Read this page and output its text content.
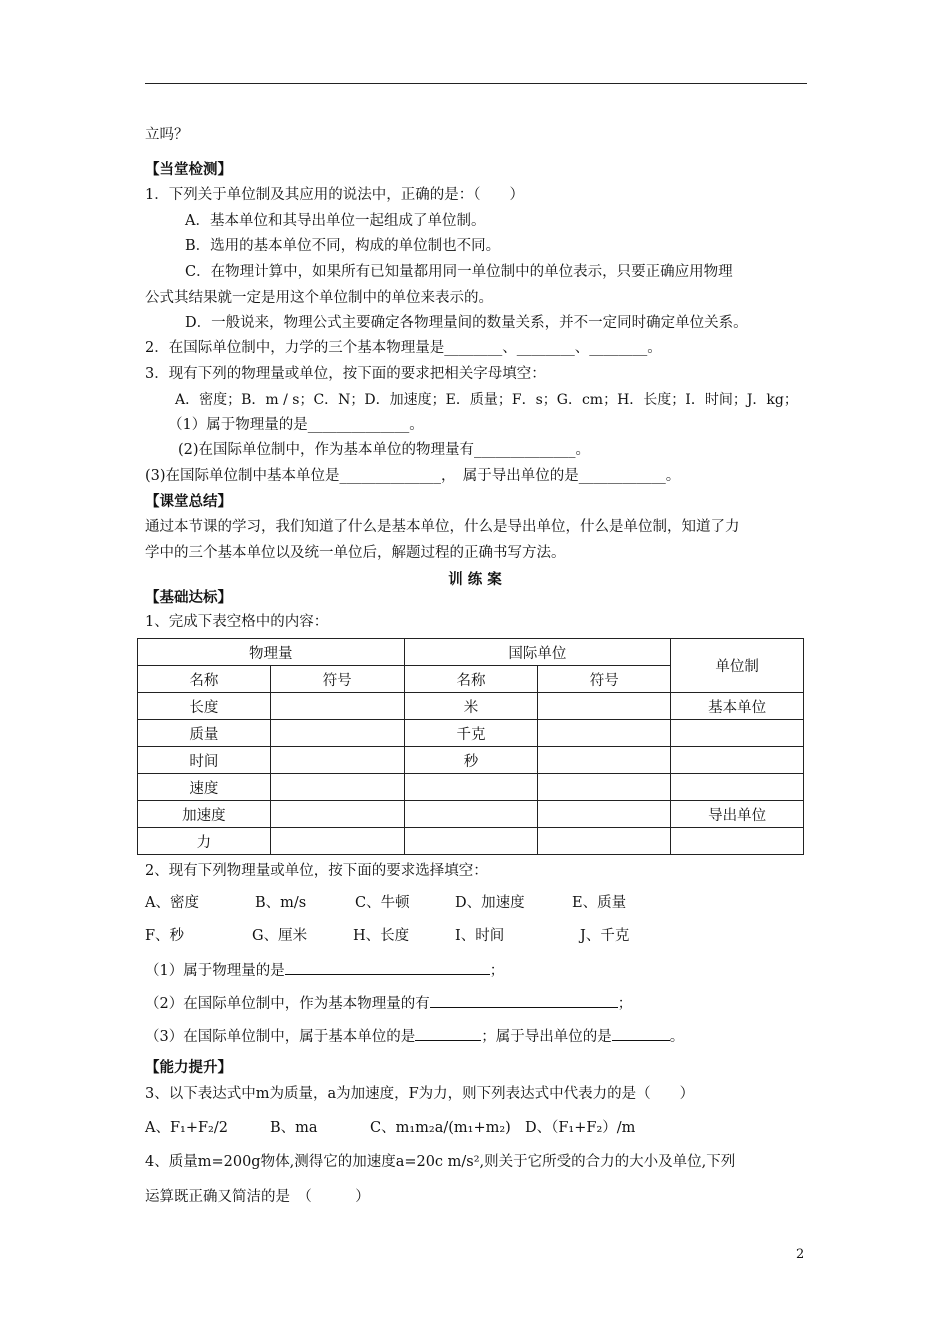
立吗？
【当堂检测】
1．下列关于单位制及其应用的说法中，正确的是：（　　）
A．基本单位和其导出单位一起组成了单位制。
B．选用的基本单位不同，构成的单位制也不同。
C．在物理计算中，如果所有已知量都用同一单位制中的单位表示，只要正确应用物理
公式其结果就一定是用这个单位制中的单位来表示的。
D．一般说来，物理公式主要确定各物理量间的数量关系，并不一定同时确定单位关系。
2．在国际单位制中，力学的三个基本物理量是________、________、________。
3．现有下列的物理量或单位，按下面的要求把相关字母填空：
A．密度；B．m / s；C．N；D．加速度；E．质量；F．s；G．cm；H．长度；I．时间；J．kg；
（1）属于物理量的是______________。
(2)在国际单位制中，作为基本单位的物理量有______________。
(3)在国际单位制中基本单位是______________，　属于导出单位的是____________。
【课堂总结】
通过本节课的学习，我们知道了什么是基本单位，什么是导出单位，什么是单位制，知道了力
学中的三个基本单位以及统一单位后，解题过程的正确书写方法。
训 练 案
【基础达标】
1、完成下表空格中的内容：
物理量		国际单位		单位制
名称	符号	名称	符号	
长度		米		基本单位
质量		千克		
时间		秒		
速度				
加速度				导出单位
力				
2、现有下列物理量或单位，按下面的要求选择填空：
A、密度	B、m/s	C、牛顿	D、加速度	E、质量
F、秒	G、厘米	H、长度	I、时间	J、千克
（1）属于物理量的是	；
（2）在国际单位制中，作为基本物理量的有	；
（3）在国际单位制中，属于基本单位的是	；属于导出单位的是	。
【能力提升】
3、以下表达式中m为质量，a为加速度，F为力，则下列表达式中代表力的是（　　）
A、F₁+F₂/2	B、ma	C、m₁m₂a/(m₁+m₂) D、（F₁+F₂）/m
4、质量m=200g物体,测得它的加速度a=20c m/s²,则关于它所受的合力的大小及单位,下列
运算既正确又简洁的是　（　　　）
2
